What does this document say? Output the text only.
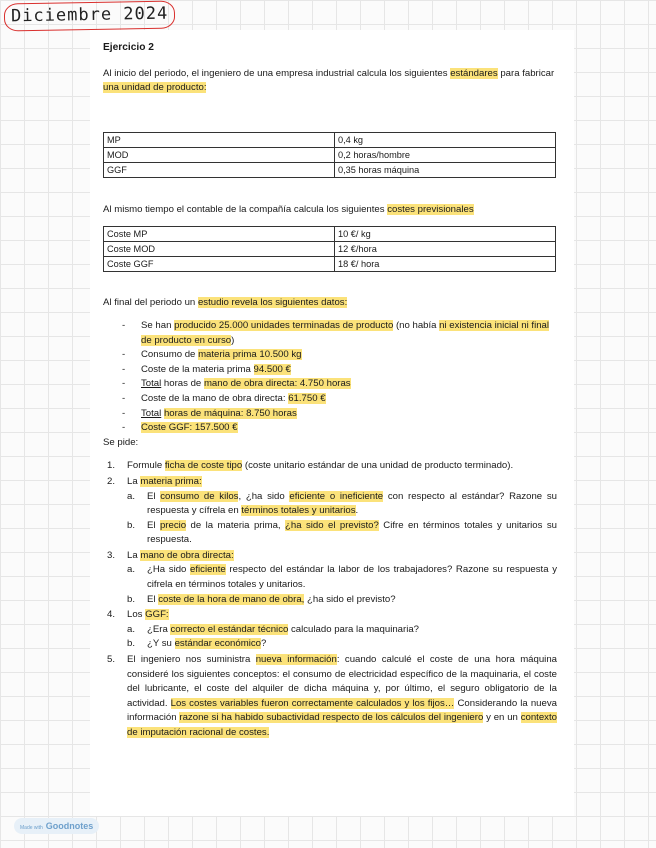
Diciembre 2024
Ejercicio 2

Al inicio del periodo, el ingeniero de una empresa industrial calcula los siguientes estándares para fabricar una unidad de producto:

MP	0,4 kg
MOD	0,2 horas/hombre
GGF	0,35 horas máquina

Al mismo tiempo el contable de la compañía calcula los siguientes costes previsionales

Coste MP	10 €/ kg
Coste MOD	12 €/hora
Coste GGF	18 €/ hora

Al final del periodo un estudio revela los siguientes datos:

- Se han producido 25.000 unidades terminadas de producto (no había ni existencia inicial ni final de producto en curso)
- Consumo de materia prima 10.500 kg
- Coste de la materia prima 94.500 €
- Total horas de mano de obra directa: 4.750 horas
- Coste de la mano de obra directa: 61.750 €
- Total horas de máquina: 8.750 horas
- Coste GGF: 157.500 €

Se pide:

1. Formule ficha de coste tipo (coste unitario estándar de una unidad de producto terminado).
2. La materia prima:
a. El consumo de kilos, ¿ha sido eficiente o ineficiente con respecto al estándar? Razone su respuesta y cífrela en términos totales y unitarios.
b. El precio de la materia prima, ¿ha sido el previsto? Cifre en términos totales y unitarios su respuesta.
3. La mano de obra directa:
a. ¿Ha sido eficiente respecto del estándar la labor de los trabajadores? Razone su respuesta y cifrela en términos totales y unitarios.
b. El coste de la hora de mano de obra, ¿ha sido el previsto?
4. Los GGF:
a. ¿Era correcto el estándar técnico calculado para la maquinaria?
b. ¿Y su estándar económico?
5. El ingeniero nos suministra nueva información: cuando calculé el coste de una hora máquina consideré los siguientes conceptos: el consumo de electricidad específico de la maquinaria, el coste del lubricante, el coste del alquiler de dicha máquina y, por último, el seguro obligatorio de la actividad. Los costes variables fueron correctamente calculados y los fijos… Considerando la nueva información razone si ha habido subactividad respecto de los cálculos del ingeniero y en un contexto de imputación racional de costes.
Made with Goodnotes
